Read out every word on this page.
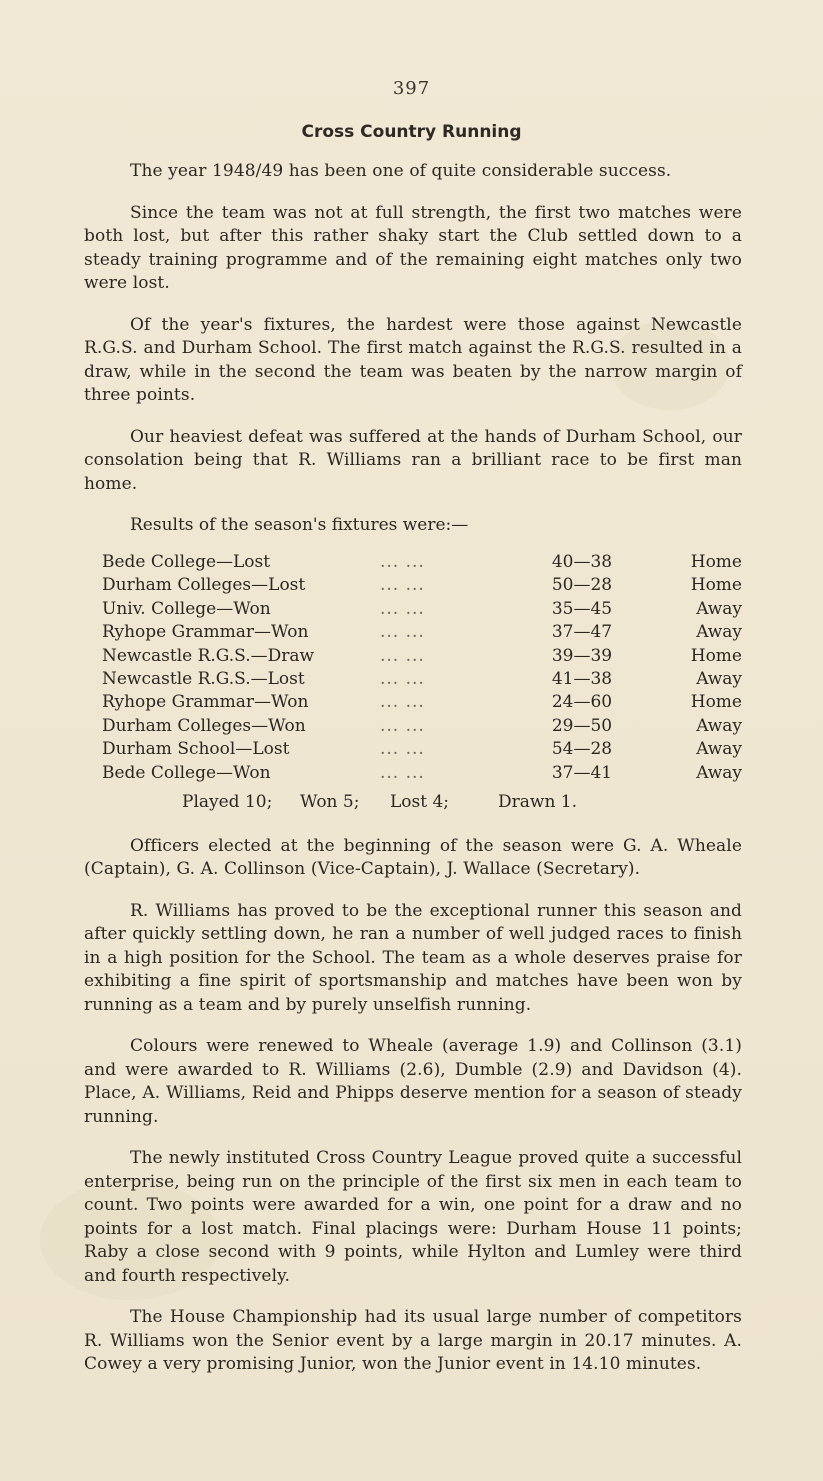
397
Cross Country Running

The year 1948/49 has been one of quite considerable success.

Since the team was not at full strength, the first two matches were both lost, but after this rather shaky start the Club settled down to a steady training programme and of the remaining eight matches only two were lost.

Of the year's fixtures, the hardest were those against Newcastle R.G.S. and Durham School. The first match against the R.G.S. resulted in a draw, while in the second the team was beaten by the narrow margin of three points.

Our heaviest defeat was suffered at the hands of Durham School, our consolation being that R. Williams ran a brilliant race to be first man home.

Results of the season's fixtures were:—

Bede College—Lost	... ...	40—38	Home
Durham Colleges—Lost	... ...	50—28	Home
Univ. College—Won	... ...	35—45	Away
Ryhope Grammar—Won	... ...	37—47	Away
Newcastle R.G.S.—Draw	... ...	39—39	Home
Newcastle R.G.S.—Lost	... ...	41—38	Away
Ryhope Grammar—Won	... ...	24—60	Home
Durham Colleges—Won	... ...	29—50	Away
Durham School—Lost	... ...	54—28	Away
Bede College—Won	... ...	37—41	Away
Played 10;	Won 5;	Lost 4;	Drawn 1.

Officers elected at the beginning of the season were G. A. Wheale (Captain), G. A. Collinson (Vice-Captain), J. Wallace (Secretary).

R. Williams has proved to be the exceptional runner this season and after quickly settling down, he ran a number of well judged races to finish in a high position for the School. The team as a whole deserves praise for exhibiting a fine spirit of sportsmanship and matches have been won by running as a team and by purely unselfish running.

Colours were renewed to Wheale (average 1.9) and Collinson (3.1) and were awarded to R. Williams (2.6), Dumble (2.9) and Davidson (4). Place, A. Williams, Reid and Phipps deserve mention for a season of steady running.

The newly instituted Cross Country League proved quite a successful enterprise, being run on the principle of the first six men in each team to count. Two points were awarded for a win, one point for a draw and no points for a lost match. Final placings were: Durham House 11 points; Raby a close second with 9 points, while Hylton and Lumley were third and fourth respectively.

The House Championship had its usual large number of competitors R. Williams won the Senior event by a large margin in 20.17 minutes. A. Cowey a very promising Junior, won the Junior event in 14.10 minutes.
